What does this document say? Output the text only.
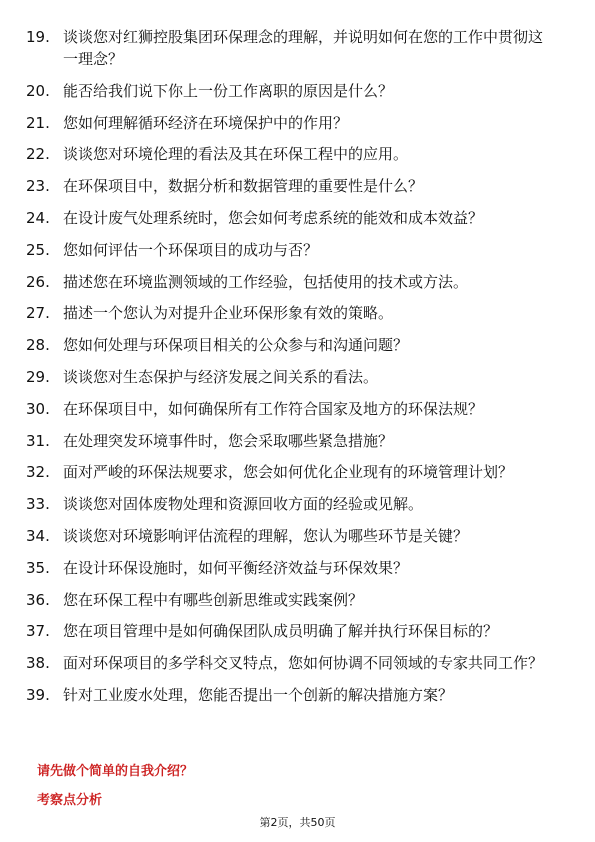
19. 谈谈您对红狮控股集团环保理念的理解，并说明如何在您的工作中贯彻这一理念？
20. 能否给我们说下你上一份工作离职的原因是什么？
21. 您如何理解循环经济在环境保护中的作用？
22. 谈谈您对环境伦理的看法及其在环保工程中的应用。
23. 在环保项目中，数据分析和数据管理的重要性是什么？
24. 在设计废气处理系统时，您会如何考虑系统的能效和成本效益？
25. 您如何评估一个环保项目的成功与否？
26. 描述您在环境监测领域的工作经验，包括使用的技术或方法。
27. 描述一个您认为对提升企业环保形象有效的策略。
28. 您如何处理与环保项目相关的公众参与和沟通问题？
29. 谈谈您对生态保护与经济发展之间关系的看法。
30. 在环保项目中，如何确保所有工作符合国家及地方的环保法规？
31. 在处理突发环境事件时，您会采取哪些紧急措施？
32. 面对严峻的环保法规要求，您会如何优化企业现有的环境管理计划？
33. 谈谈您对固体废物处理和资源回收方面的经验或见解。
34. 谈谈您对环境影响评估流程的理解，您认为哪些环节是关键？
35. 在设计环保设施时，如何平衡经济效益与环保效果？
36. 您在环保工程中有哪些创新思维或实践案例？
37. 您在项目管理中是如何确保团队成员明确了解并执行环保目标的？
38. 面对环保项目的多学科交叉特点，您如何协调不同领域的专家共同工作？
39. 针对工业废水处理，您能否提出一个创新的解决措施方案？
请先做个简单的自我介绍？
考察点分析
第2页，共50页
